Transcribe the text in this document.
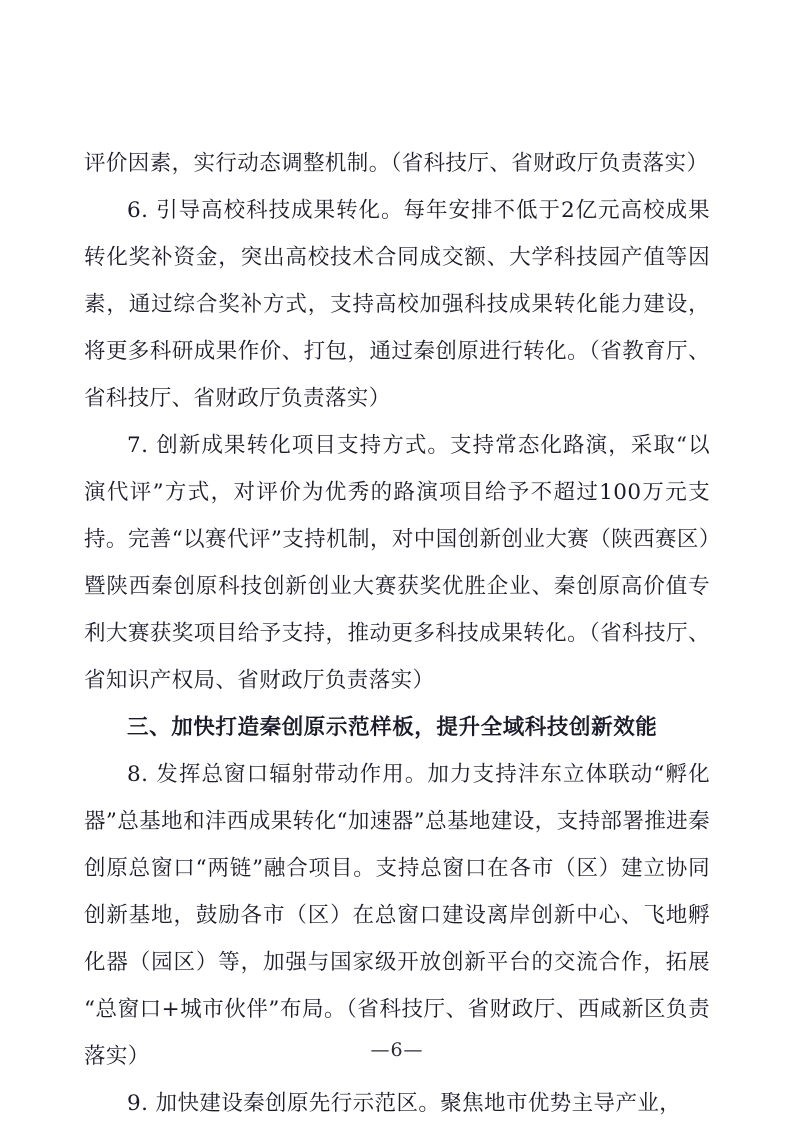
评价因素，实行动态调整机制。（省科技厅、省财政厅负责落实）

6. 引导高校科技成果转化。每年安排不低于2亿元高校成果转化奖补资金，突出高校技术合同成交额、大学科技园产值等因素，通过综合奖补方式，支持高校加强科技成果转化能力建设，将更多科研成果作价、打包，通过秦创原进行转化。（省教育厅、省科技厅、省财政厅负责落实）

7. 创新成果转化项目支持方式。支持常态化路演，采取“以演代评”方式，对评价为优秀的路演项目给予不超过100万元支持。完善“以赛代评”支持机制，对中国创新创业大赛（陕西赛区）暨陕西秦创原科技创新创业大赛获奖优胜企业、秦创原高价值专利大赛获奖项目给予支持，推动更多科技成果转化。（省科技厅、省知识产权局、省财政厅负责落实）

三、加快打造秦创原示范样板，提升全域科技创新效能

8. 发挥总窗口辐射带动作用。加力支持沣东立体联动“孵化器”总基地和沣西成果转化“加速器”总基地建设，支持部署推进秦创原总窗口“两链”融合项目。支持总窗口在各市（区）建立协同创新基地，鼓励各市（区）在总窗口建设离岸创新中心、飞地孵化器（园区）等，加强与国家级开放创新平台的交流合作，拓展“总窗口+城市伙伴”布局。（省科技厅、省财政厅、西咸新区负责落实）

9. 加快建设秦创原先行示范区。聚焦地市优势主导产业，

—6—
